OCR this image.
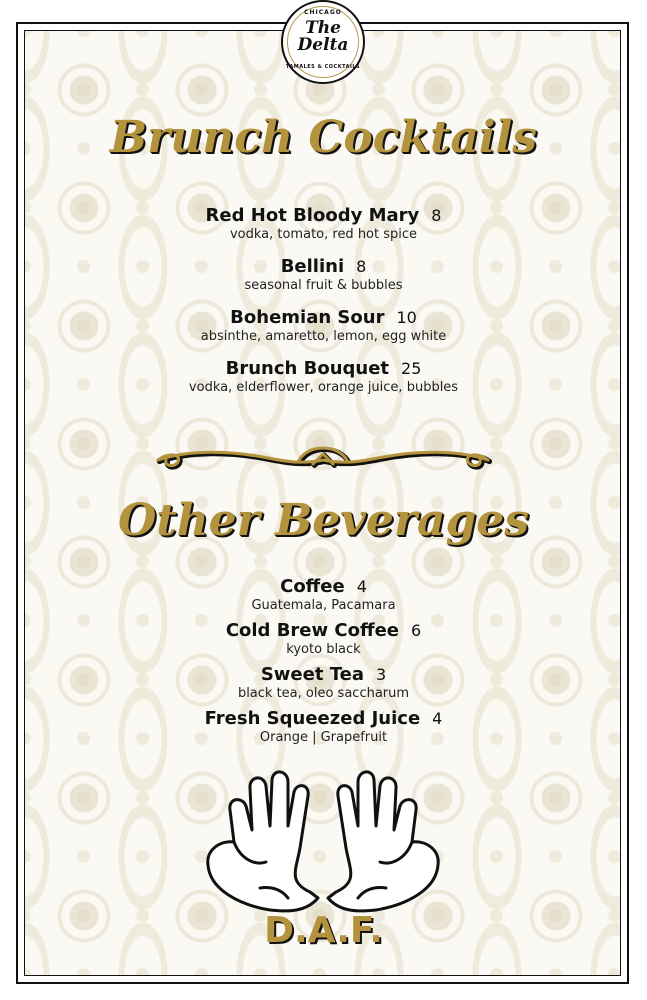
CHICAGO
The
Delta
TAMALES & COCKTAILS
Brunch Cocktails
Red Hot Bloody Mary 8
vodka, tomato, red hot spice
Bellini 8
seasonal fruit & bubbles
Bohemian Sour 10
absinthe, amaretto, lemon, egg white
Brunch Bouquet 25
vodka, elderflower, orange juice, bubbles
Other Beverages
Coffee 4
Guatemala, Pacamara
Cold Brew Coffee 6
kyoto black
Sweet Tea 3
black tea, oleo saccharum
Fresh Squeezed Juice 4
Orange | Grapefruit
D.A.F.
